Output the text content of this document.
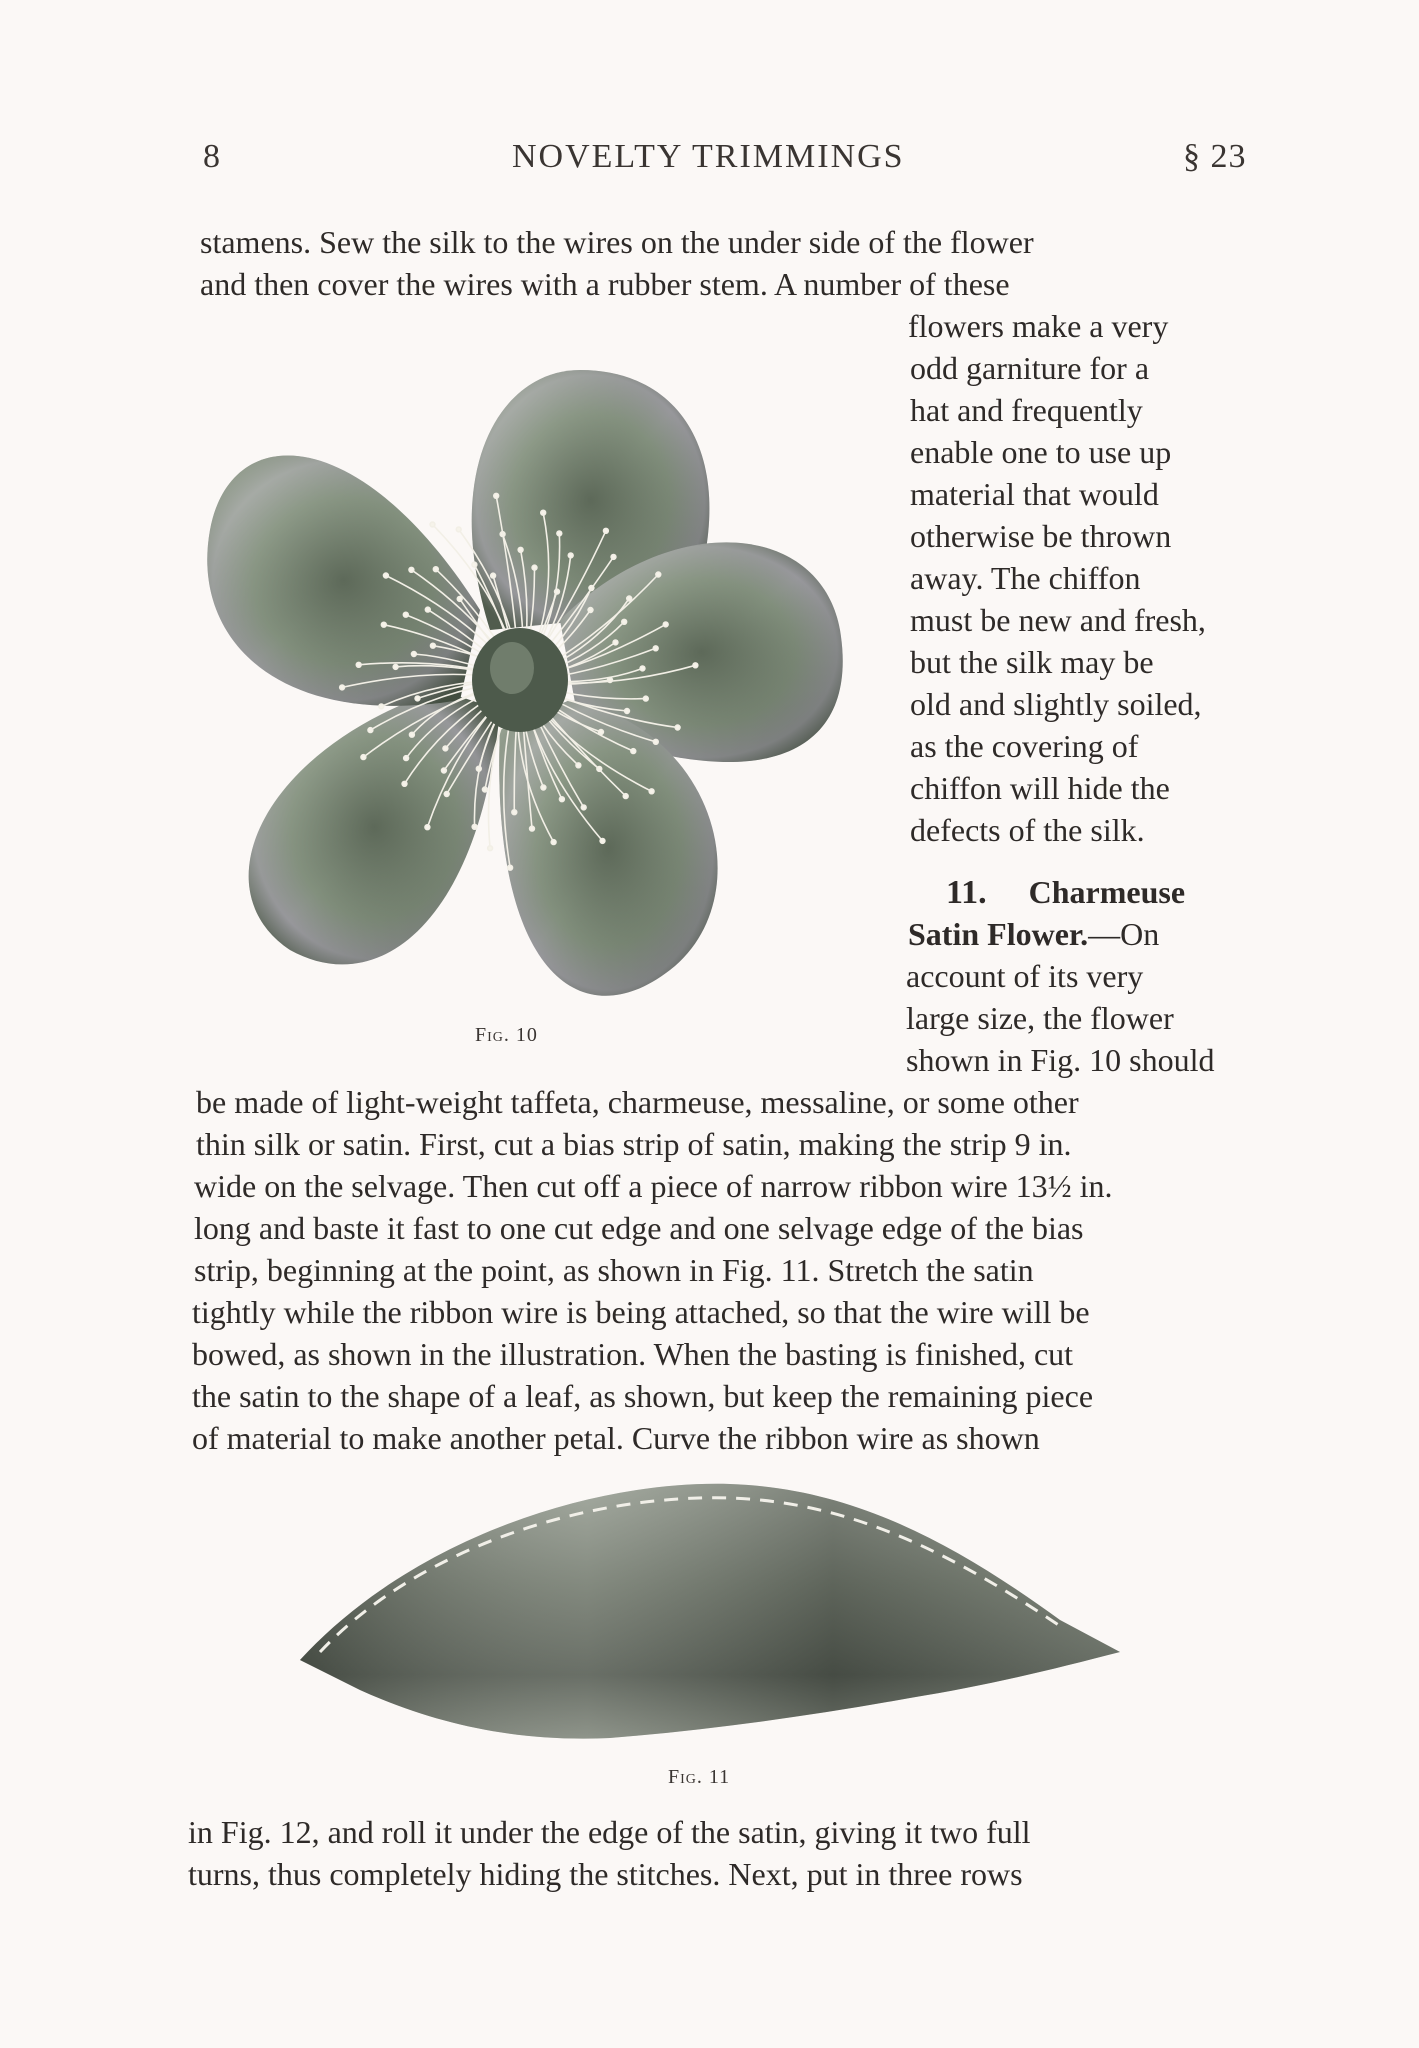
8	NOVELTY TRIMMINGS	§ 23
stamens. Sew the silk to the wires on the under side of the flower
and then cover the wires with a rubber stem. A number of these
Fig. 10
flowers make a very
odd garniture for a
hat and frequently
enable one to use up
material that would
otherwise be thrown
away. The chiffon
must be new and fresh,
but the silk may be
old and slightly soiled,
as the covering of
chiffon will hide the
defects of the silk.
11. Charmeuse
Satin Flower.—On
account of its very
large size, the flower
shown in Fig. 10 should
be made of light-weight taffeta, charmeuse, messaline, or some other
thin silk or satin. First, cut a bias strip of satin, making the strip 9 in.
wide on the selvage. Then cut off a piece of narrow ribbon wire 13½ in.
long and baste it fast to one cut edge and one selvage edge of the bias
strip, beginning at the point, as shown in Fig. 11. Stretch the satin
tightly while the ribbon wire is being attached, so that the wire will be
bowed, as shown in the illustration. When the basting is finished, cut
the satin to the shape of a leaf, as shown, but keep the remaining piece
of material to make another petal. Curve the ribbon wire as shown
Fig. 11
in Fig. 12, and roll it under the edge of the satin, giving it two full
turns, thus completely hiding the stitches. Next, put in three rows
